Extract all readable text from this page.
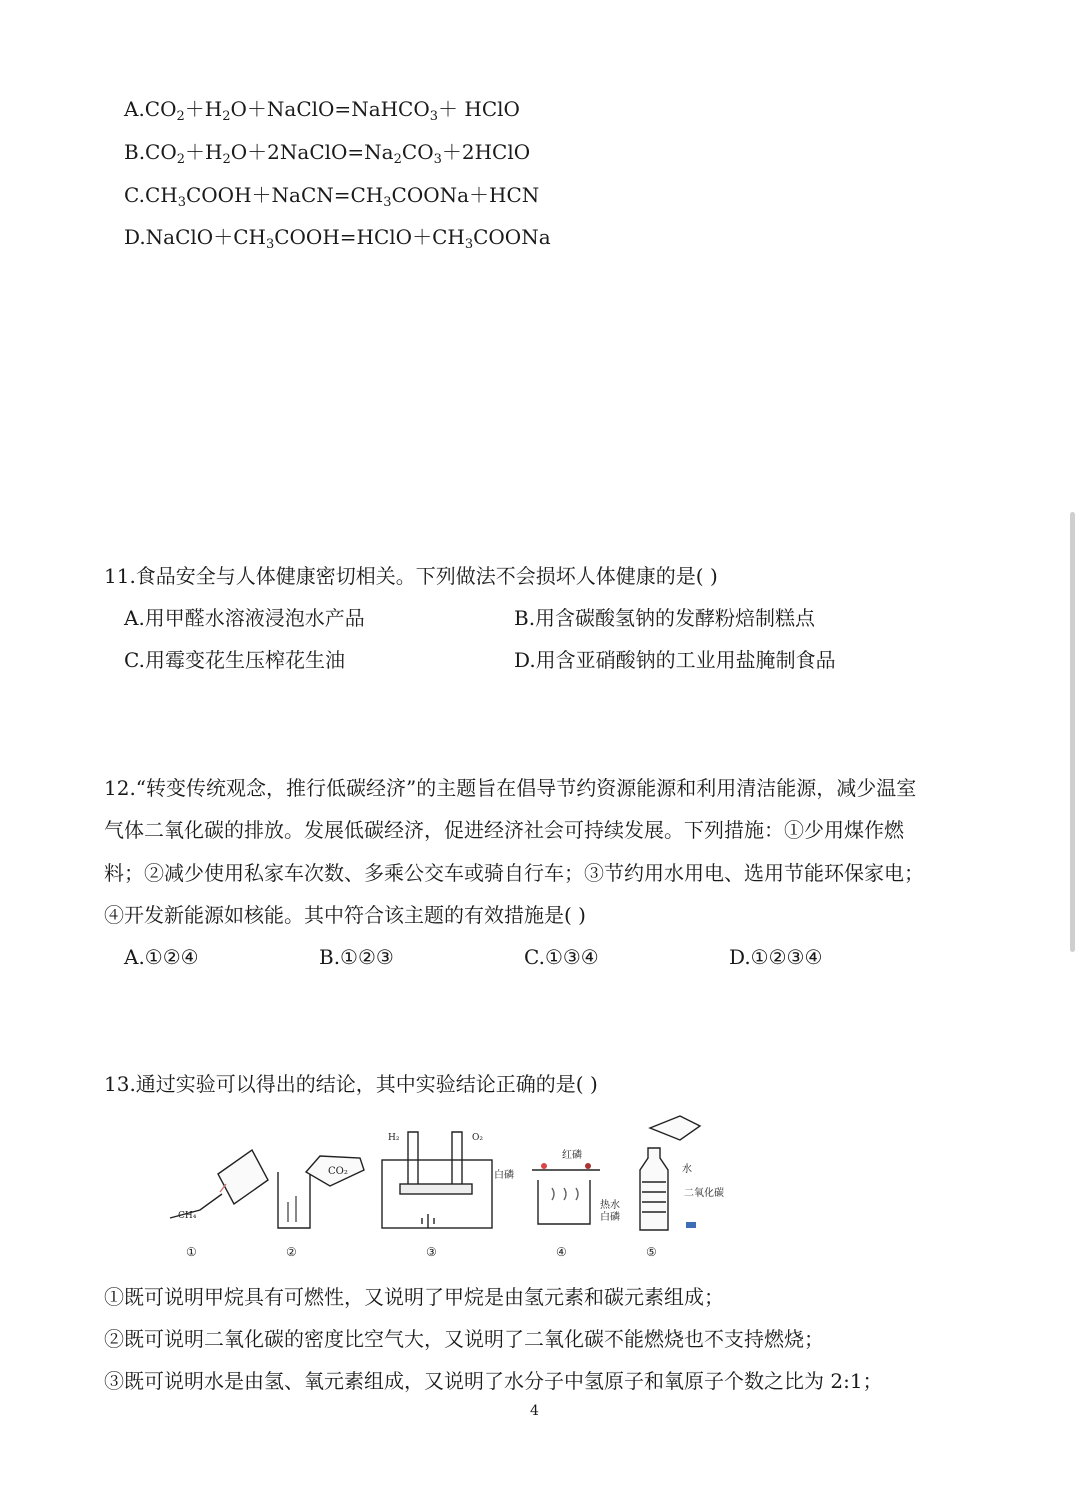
$A.CO_2+H_2O+NaClO=NaHCO_3+$ HClO
$B.CO_2+H_2O+2NaClO=Na_2CO_3+2HClO$
$C.CH_3COOH+NaCN=CH_3COONa+HCN$
$D.NaClO+CH_3COOH=HClO+CH_3COONa$
11.食品安全与人体健康密切相关。下列做法不会损坏人体健康的是( )
A.用甲醛水溶液浸泡水产品	B.用含碳酸氢钠的发酵粉焙制糕点
C.用霉变花生压榨花生油	D.用含亚硝酸钠的工业用盐腌制食品
12.“转变传统观念，推行低碳经济”的主题旨在倡导节约资源能源和利用清洁能源，减少温室
气体二氧化碳的排放。发展低碳经济，促进经济社会可持续发展。下列措施：①少用煤作燃
料；②减少使用私家车次数、多乘公交车或骑自行车；③节约用水用电、选用节能环保家电；
④开发新能源如核能。其中符合该主题的有效措施是( )
A.①②④	B.①②③	C.①③④	D.①②③④
13.通过实验可以得出的结论，其中实验结论正确的是( )
CH₄
CO₂
H₂	O₂
白磷
红磷
热水
白磷
水
二氧化碳
①	②	③	④	⑤
①既可说明甲烷具有可燃性，又说明了甲烷是由氢元素和碳元素组成；
②既可说明二氧化碳的密度比空气大，又说明了二氧化碳不能燃烧也不支持燃烧；
③既可说明水是由氢、氧元素组成，又说明了水分子中氢原子和氧原子个数之比为 2:1；
4
